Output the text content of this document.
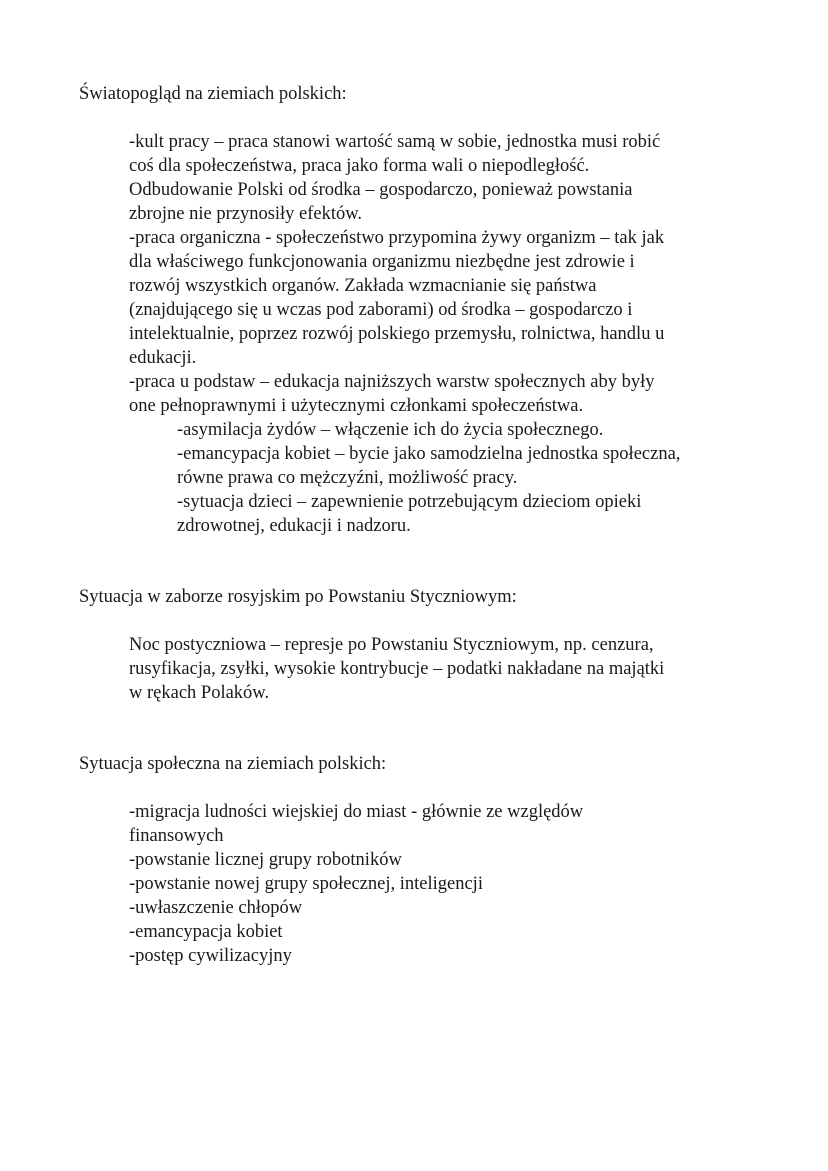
Światopogląd na ziemiach polskich:
-kult pracy – praca stanowi wartość samą w sobie, jednostka musi robić
coś dla społeczeństwa, praca jako forma wali o niepodległość.
Odbudowanie Polski od środka – gospodarczo, ponieważ powstania
zbrojne nie przynosiły efektów.
-praca organiczna - społeczeństwo przypomina żywy organizm – tak jak
dla właściwego funkcjonowania organizmu niezbędne jest zdrowie i
rozwój wszystkich organów. Zakłada wzmacnianie się państwa
(znajdującego się u wczas pod zaborami) od środka – gospodarczo i
intelektualnie, poprzez rozwój polskiego przemysłu, rolnictwa, handlu u
edukacji.
-praca u podstaw – edukacja najniższych warstw społecznych aby były
one pełnoprawnymi i użytecznymi członkami społeczeństwa.
-asymilacja żydów – włączenie ich do życia społecznego.
-emancypacja kobiet – bycie jako samodzielna jednostka społeczna,
równe prawa co mężczyźni, możliwość pracy.
-sytuacja dzieci – zapewnienie potrzebującym dzieciom opieki
zdrowotnej, edukacji i nadzoru.
Sytuacja w zaborze rosyjskim po Powstaniu Styczniowym:
Noc postyczniowa – represje po Powstaniu Styczniowym, np. cenzura,
rusyfikacja, zsyłki, wysokie kontrybucje – podatki nakładane na majątki
w rękach Polaków.
Sytuacja społeczna na ziemiach polskich:
-migracja ludności wiejskiej do miast - głównie ze względów
finansowych
-powstanie licznej grupy robotników
-powstanie nowej grupy społecznej, inteligencji
-uwłaszczenie chłopów
-emancypacja kobiet
-postęp cywilizacyjny
